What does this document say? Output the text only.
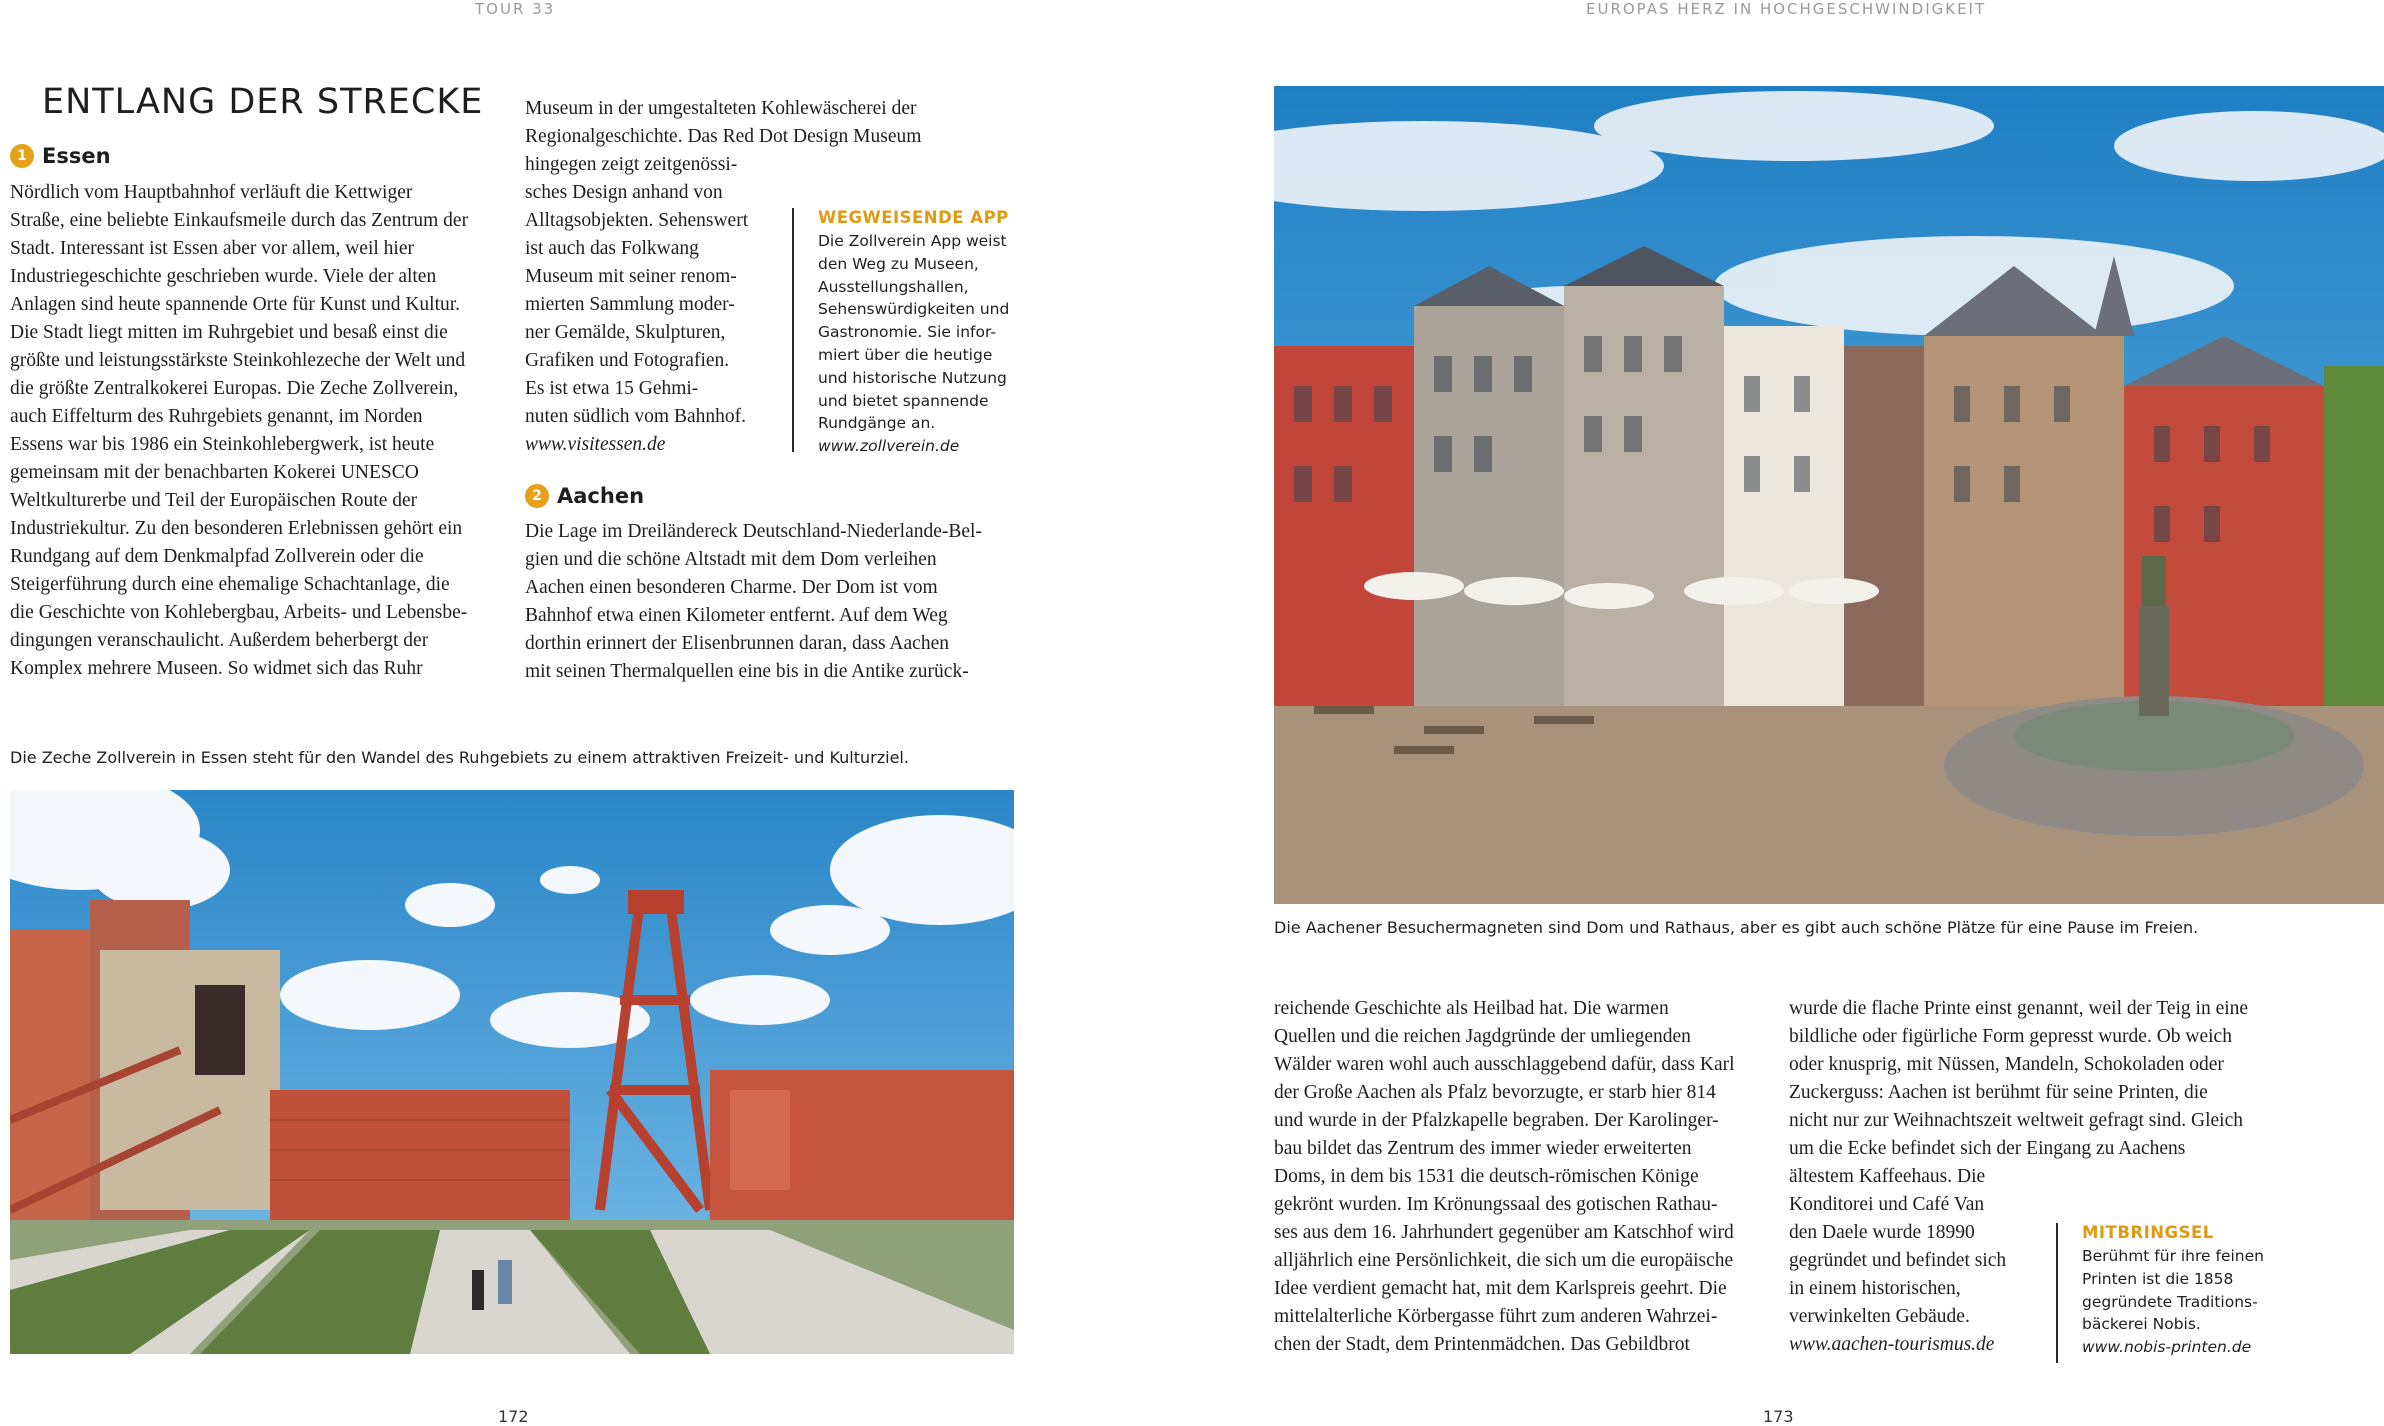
TOUR 33	EUROPAS HERZ IN HOCHGESCHWINDIGKEIT
ENTLANG DER STRECKE
1 Essen

Nördlich vom Hauptbahnhof verläuft die Kettwiger
Straße, eine beliebte Einkaufsmeile durch das Zentrum der
Stadt. Interessant ist Essen aber vor allem, weil hier
Industriegeschichte geschrieben wurde. Viele der alten
Anlagen sind heute spannende Orte für Kunst und Kultur.
Die Stadt liegt mitten im Ruhrgebiet und besaß einst die
größte und leistungsstärkste Steinkohlezeche der Welt und
die größte Zentralkokerei Europas. Die Zeche Zollverein,
auch Eiffelturm des Ruhrgebiets genannt, im Norden
Essens war bis 1986 ein Steinkohlebergwerk, ist heute
gemeinsam mit der benachbarten Kokerei UNESCO
Weltkulturerbe und Teil der Europäischen Route der
Industriekultur. Zu den besonderen Erlebnissen gehört ein
Rundgang auf dem Denkmalpfad Zollverein oder die
Steigerführung durch eine ehemalige Schachtanlage, die
die Geschichte von Kohlebergbau, Arbeits- und Lebensbe-
dingungen veranschaulicht. Außerdem beherbergt der
Komplex mehrere Museen. So widmet sich das Ruhr

Museum in der umgestalteten Kohlewäscherei der
Regionalgeschichte. Das Red Dot Design Museum
hingegen zeigt zeitgenössi-
sches Design anhand von
Alltagsobjekten. Sehenswert
ist auch das Folkwang
Museum mit seiner renom-
mierten Sammlung moder-
ner Gemälde, Skulpturen,
Grafiken und Fotografien.
Es ist etwa 15 Gehmi-
nuten südlich vom Bahnhof.
www.visitessen.de

WEGWEISENDE APP

Die Zollverein App weist
den Weg zu Museen,
Ausstellungshallen,
Sehenswürdigkeiten und
Gastronomie. Sie infor-
miert über die heutige
und historische Nutzung
und bietet spannende
Rundgänge an.
www.zollverein.de

2 Aachen

Die Lage im Dreiländereck Deutschland-Niederlande-Bel-
gien und die schöne Altstadt mit dem Dom verleihen
Aachen einen besonderen Charme. Der Dom ist vom
Bahnhof etwa einen Kilometer entfernt. Auf dem Weg
dorthin erinnert der Elisenbrunnen daran, dass Aachen
mit seinen Thermalquellen eine bis in die Antike zurück-

Die Zeche Zollverein in Essen steht für den Wandel des Ruhgebiets zu einem attraktiven Freizeit- und Kulturziel.
172
Die Aachener Besuchermagneten sind Dom und Rathaus, aber es gibt auch schöne Plätze für eine Pause im Freien.

reichende Geschichte als Heilbad hat. Die warmen
Quellen und die reichen Jagdgründe der umliegenden
Wälder waren wohl auch ausschlaggebend dafür, dass Karl
der Große Aachen als Pfalz bevorzugte, er starb hier 814
und wurde in der Pfalzkapelle begraben. Der Karolinger-
bau bildet das Zentrum des immer wieder erweiterten
Doms, in dem bis 1531 die deutsch-römischen Könige
gekrönt wurden. Im Krönungssaal des gotischen Rathau-
ses aus dem 16. Jahrhundert gegenüber am Katschhof wird
alljährlich eine Persönlichkeit, die sich um die europäische
Idee verdient gemacht hat, mit dem Karlspreis geehrt. Die
mittelalterliche Körbergasse führt zum anderen Wahrzei-
chen der Stadt, dem Printenmädchen. Das Gebildbrot

wurde die flache Printe einst genannt, weil der Teig in eine
bildliche oder figürliche Form gepresst wurde. Ob weich
oder knusprig, mit Nüssen, Mandeln, Schokoladen oder
Zuckerguss: Aachen ist berühmt für seine Printen, die
nicht nur zur Weihnachtszeit weltweit gefragt sind. Gleich
um die Ecke befindet sich der Eingang zu Aachens
ältestem Kaffeehaus. Die
Konditorei und Café Van
den Daele wurde 18990
gegründet und befindet sich
in einem historischen,
verwinkelten Gebäude.
www.aachen-tourismus.de

MITBRINGSEL

Berühmt für ihre feinen
Printen ist die 1858
gegründete Traditions-
bäckerei Nobis.
www.nobis-printen.de

173
